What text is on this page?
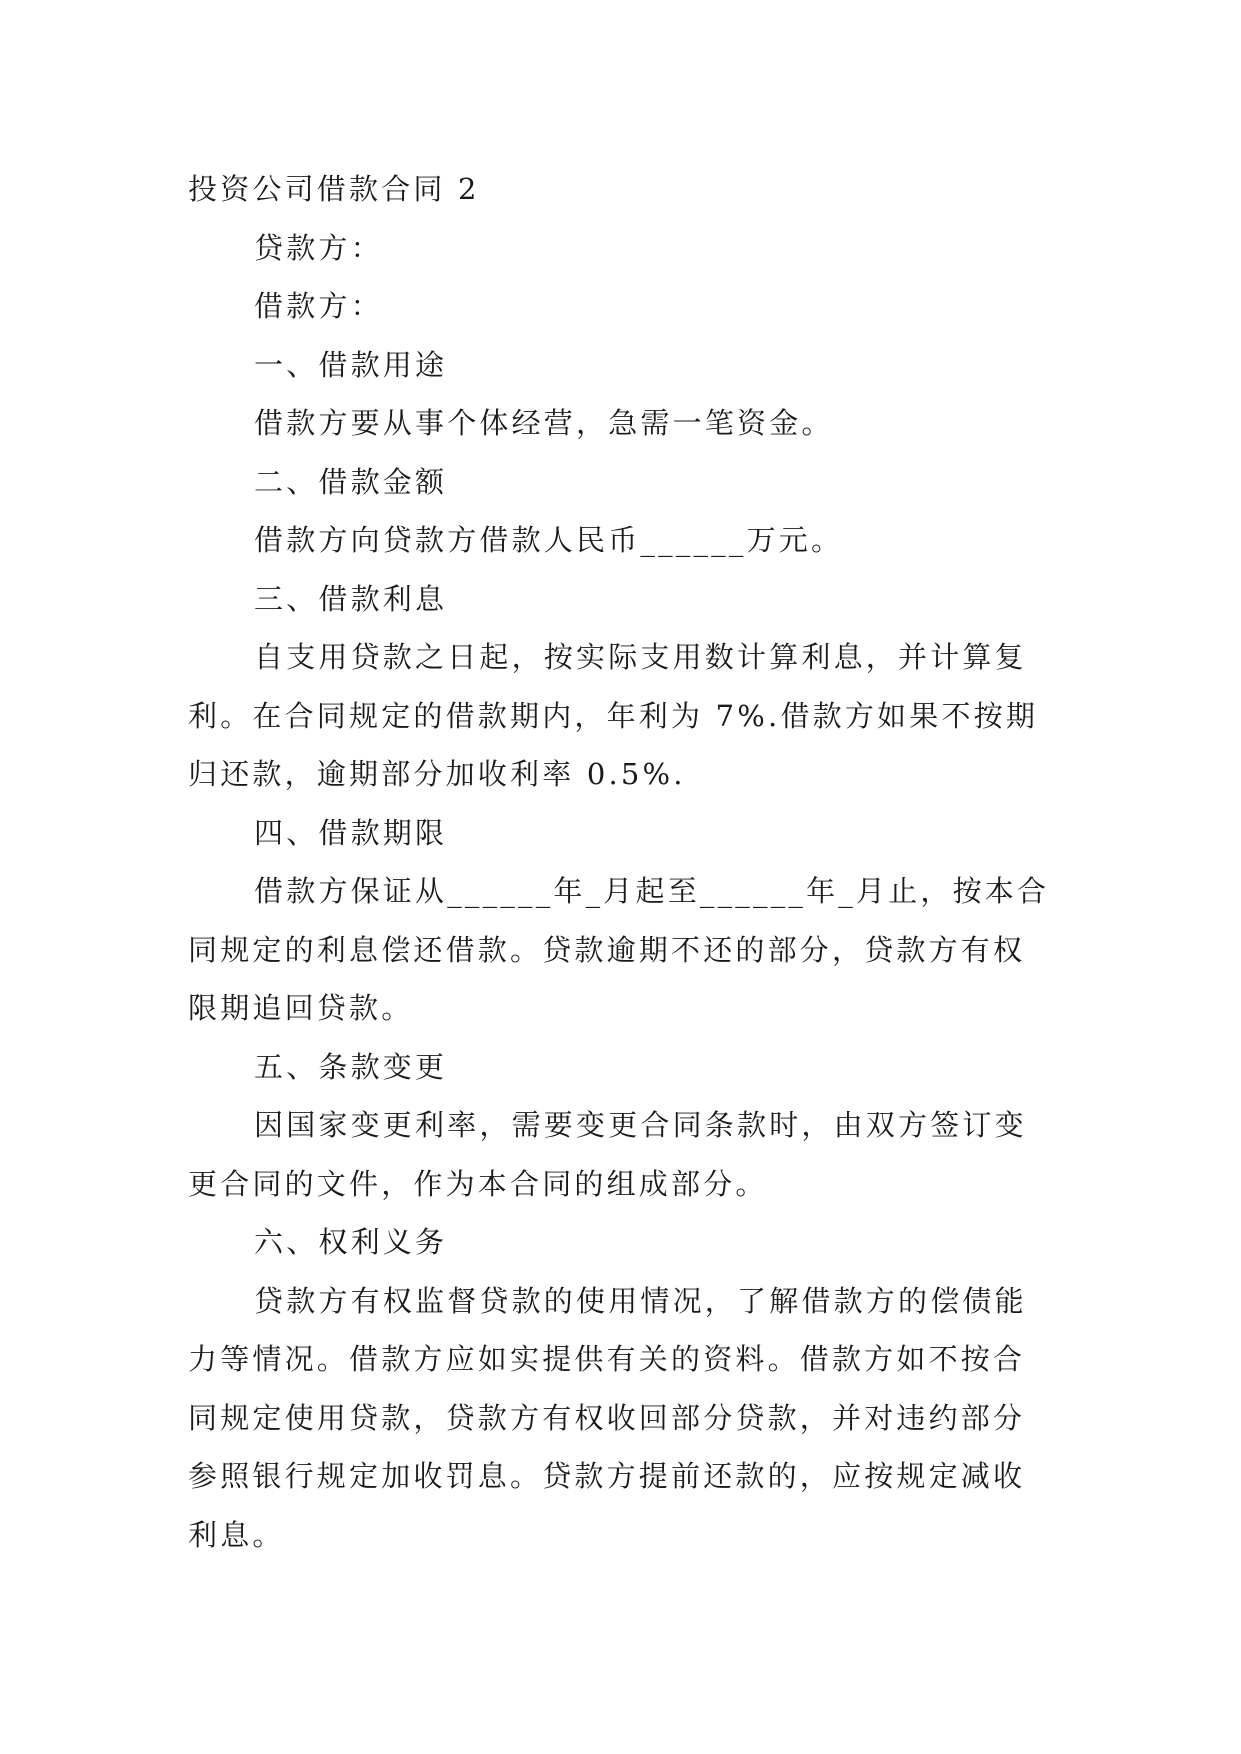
投资公司借款合同 2
贷款方：
借款方：
一、借款用途
借款方要从事个体经营，急需一笔资金。
二、借款金额
借款方向贷款方借款人民币______万元。
三、借款利息
自支用贷款之日起，按实际支用数计算利息，并计算复
利。在合同规定的借款期内，年利为 7%.借款方如果不按期
归还款，逾期部分加收利率 0.5%.
四、借款期限
借款方保证从______年_月起至______年_月止，按本合
同规定的利息偿还借款。贷款逾期不还的部分，贷款方有权
限期追回贷款。
五、条款变更
因国家变更利率，需要变更合同条款时，由双方签订变
更合同的文件，作为本合同的组成部分。
六、权利义务
贷款方有权监督贷款的使用情况，了解借款方的偿债能
力等情况。借款方应如实提供有关的资料。借款方如不按合
同规定使用贷款，贷款方有权收回部分贷款，并对违约部分
参照银行规定加收罚息。贷款方提前还款的，应按规定减收
利息。
